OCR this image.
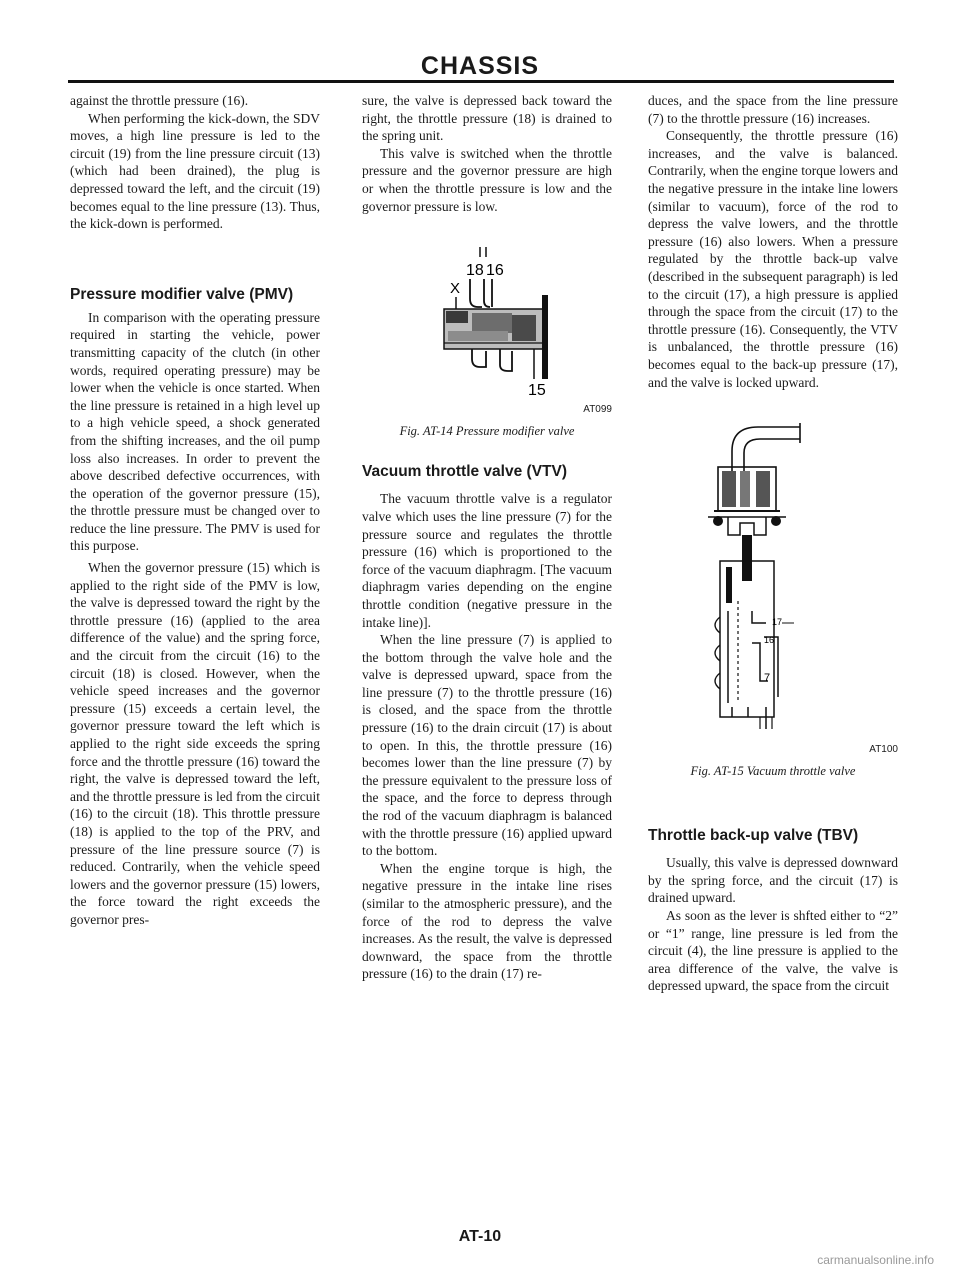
CHASSIS

against the throttle pressure (16).

When performing the kick-down, the SDV moves, a high line pressure is led to the circuit (19) from the line pressure circuit (13) (which had been drained), the plug is depressed toward the left, and the circuit (19) becomes equal to the line pressure (13). Thus, the kick-down is performed.

Pressure modifier valve (PMV)

In comparison with the operating pressure required in starting the vehicle, power transmitting capacity of the clutch (in other words, required operating pressure) may be lower when the vehicle is once started. When the line pressure is retained in a high level up to a high vehicle speed, a shock generated from the shifting increases, and the oil pump loss also increases. In order to prevent the above described defective occurrences, with the operation of the governor pressure (15), the throttle pressure must be changed over to reduce the line pressure. The PMV is used for this purpose.

When the governor pressure (15) which is applied to the right side of the PMV is low, the valve is depressed toward the right by the throttle pressure (16) (applied to the area difference of the value) and the spring force, and the circuit from the circuit (16) to the circuit (18) is closed. However, when the vehicle speed increases and the governor pressure (15) exceeds a certain level, the governor pressure toward the left which is applied to the right side exceeds the spring force and the throttle pressure (16) toward the right, the valve is depressed toward the left, and the throttle pressure is led from the circuit (16) to the circuit (18). This throttle pressure (18) is applied to the top of the PRV, and pressure of the line pressure source (7) is reduced. Contrarily, when the vehicle speed lowers and the governor pressure (15) lowers, the force toward the right exceeds the governor pres-

sure, the valve is depressed back toward the right, the throttle pressure (18) is drained to the spring unit.

This valve is switched when the throttle pressure and the governor pressure are high or when the throttle pressure is low and the governor pressure is low.

18 16
X
15

AT099

Fig. AT-14 Pressure modifier valve

Vacuum throttle valve (VTV)

The vacuum throttle valve is a regulator valve which uses the line pressure (7) for the pressure source and regulates the throttle pressure (16) which is proportioned to the force of the vacuum diaphragm. [The vacuum diaphragm varies depending on the engine throttle condition (negative pressure in the intake line)].

When the line pressure (7) is applied to the bottom through the valve hole and the valve is depressed upward, space from the line pressure (7) to the throttle pressure (16) is closed, and the space from the throttle pressure (16) to the drain circuit (17) is about to open. In this, the throttle pressure (16) becomes lower than the line pressure (7) by the pressure equivalent to the pressure loss of the space, and the force to depress through the rod of the vacuum diaphragm is balanced with the throttle pressure (16) applied upward to the bottom.

When the engine torque is high, the negative pressure in the intake line rises (similar to the atmospheric pressure), and the force of the rod to depress the valve increases. As the result, the valve is depressed downward, the space from the throttle pressure (16) to the drain (17) re-

duces, and the space from the line pressure (7) to the throttle pressure (16) increases.

Consequently, the throttle pressure (16) increases, and the valve is balanced. Contrarily, when the engine torque lowers and the negative pressure in the intake line lowers (similar to vacuum), force of the rod to depress the valve lowers, and the throttle pressure (16) also lowers. When a pressure regulated by the throttle back-up valve (described in the subsequent paragraph) is led to the circuit (17), a high pressure is applied through the space from the circuit (17) to the throttle pressure (16). Consequently, the VTV is unbalanced, the throttle pressure (16) becomes equal to the back-up pressure (17), and the valve is locked upward.

17
16
7

AT100

Fig. AT-15 Vacuum throttle valve

Throttle back-up valve (TBV)

Usually, this valve is depressed downward by the spring force, and the circuit (17) is drained upward.

As soon as the lever is shfted either to “2” or “1” range, line pressure is led from the circuit (4), the line pressure is applied to the area difference of the valve, the valve is depressed upward, the space from the circuit

AT-10
carmanualsonline.info
